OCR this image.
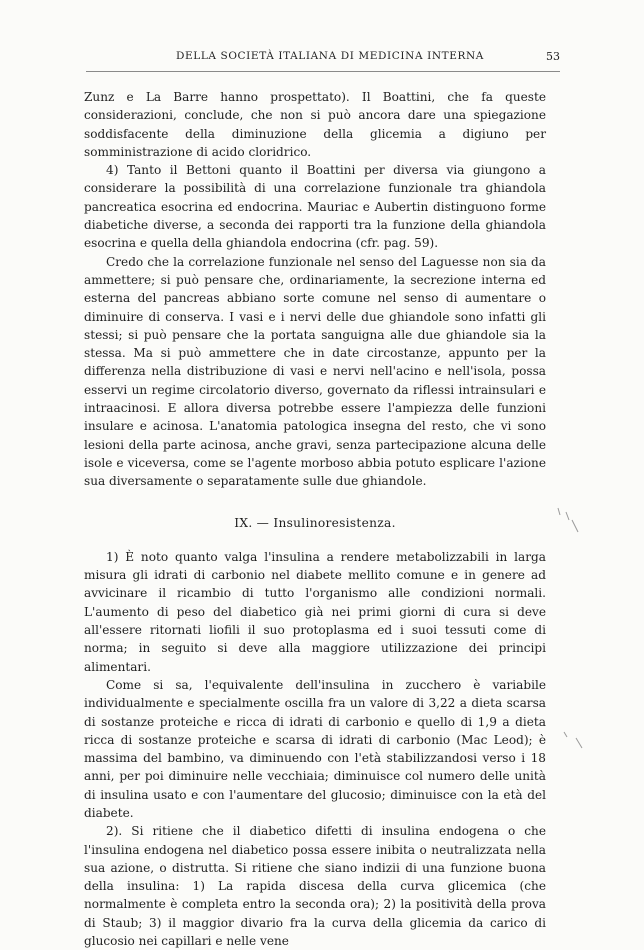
DELLA SOCIETÀ ITALIANA DI MEDICINA INTERNA	53

Zunz e La Barre hanno prospettato). Il Boattini, che fa queste considerazioni, conclude, che non si può ancora dare una spiegazione soddisfacente della diminuzione della glicemia a digiuno per somministrazione di acido cloridrico.

4) Tanto il Bettoni quanto il Boattini per diversa via giungono a considerare la possibilità di una correlazione funzionale tra ghiandola pancreatica esocrina ed endocrina. Mauriac e Aubertin distinguono forme diabetiche diverse, a seconda dei rapporti tra la funzione della ghiandola esocrina e quella della ghiandola endocrina (cfr. pag. 59).

Credo che la correlazione funzionale nel senso del Laguesse non sia da ammettere; si può pensare che, ordinariamente, la secrezione interna ed esterna del pancreas abbiano sorte comune nel senso di aumentare o diminuire di conserva. I vasi e i nervi delle due ghiandole sono infatti gli stessi; si può pensare che la portata sanguigna alle due ghiandole sia la stessa. Ma si può ammettere che in date circostanze, appunto per la differenza nella distribuzione di vasi e nervi nell'acino e nell'isola, possa esservi un regime circolatorio diverso, governato da riflessi intrainsulari e intraacinosi. E allora diversa potrebbe essere l'ampiezza delle funzioni insulare e acinosa. L'anatomia patologica insegna del resto, che vi sono lesioni della parte acinosa, anche gravi, senza partecipazione alcuna delle isole e viceversa, come se l'agente morboso abbia potuto esplicare l'azione sua diversamente o separatamente sulle due ghiandole.

IX. — Insulinoresistenza.

1) È noto quanto valga l'insulina a rendere metabolizzabili in larga misura gli idrati di carbonio nel diabete mellito comune e in genere ad avvicinare il ricambio di tutto l'organismo alle condizioni normali. L'aumento di peso del diabetico già nei primi giorni di cura si deve all'essere ritornati liofili il suo protoplasma ed i suoi tessuti come di norma; in seguito si deve alla maggiore utilizzazione dei principi alimentari.

Come si sa, l'equivalente dell'insulina in zucchero è variabile individualmente e specialmente oscilla fra un valore di 3,22 a dieta scarsa di sostanze proteiche e ricca di idrati di carbonio e quello di 1,9 a dieta ricca di sostanze proteiche e scarsa di idrati di carbonio (Mac Leod); è massima del bambino, va diminuendo con l'età stabilizzandosi verso i 18 anni, per poi diminuire nelle vecchiaia; diminuisce col numero delle unità di insulina usato e con l'aumentare del glucosio; diminuisce con la età del diabete.

2). Si ritiene che il diabetico difetti di insulina endogena o che l'insulina endogena nel diabetico possa essere inibita o neutralizzata nella sua azione, o distrutta. Si ritiene che siano indizii di una funzione buona della insulina: 1) La rapida discesa della curva glicemica (che normalmente è completa entro la seconda ora); 2) la positività della prova di Staub; 3) il maggior divario fra la curva della glicemia da carico di glucosio nei capillari e nelle vene
